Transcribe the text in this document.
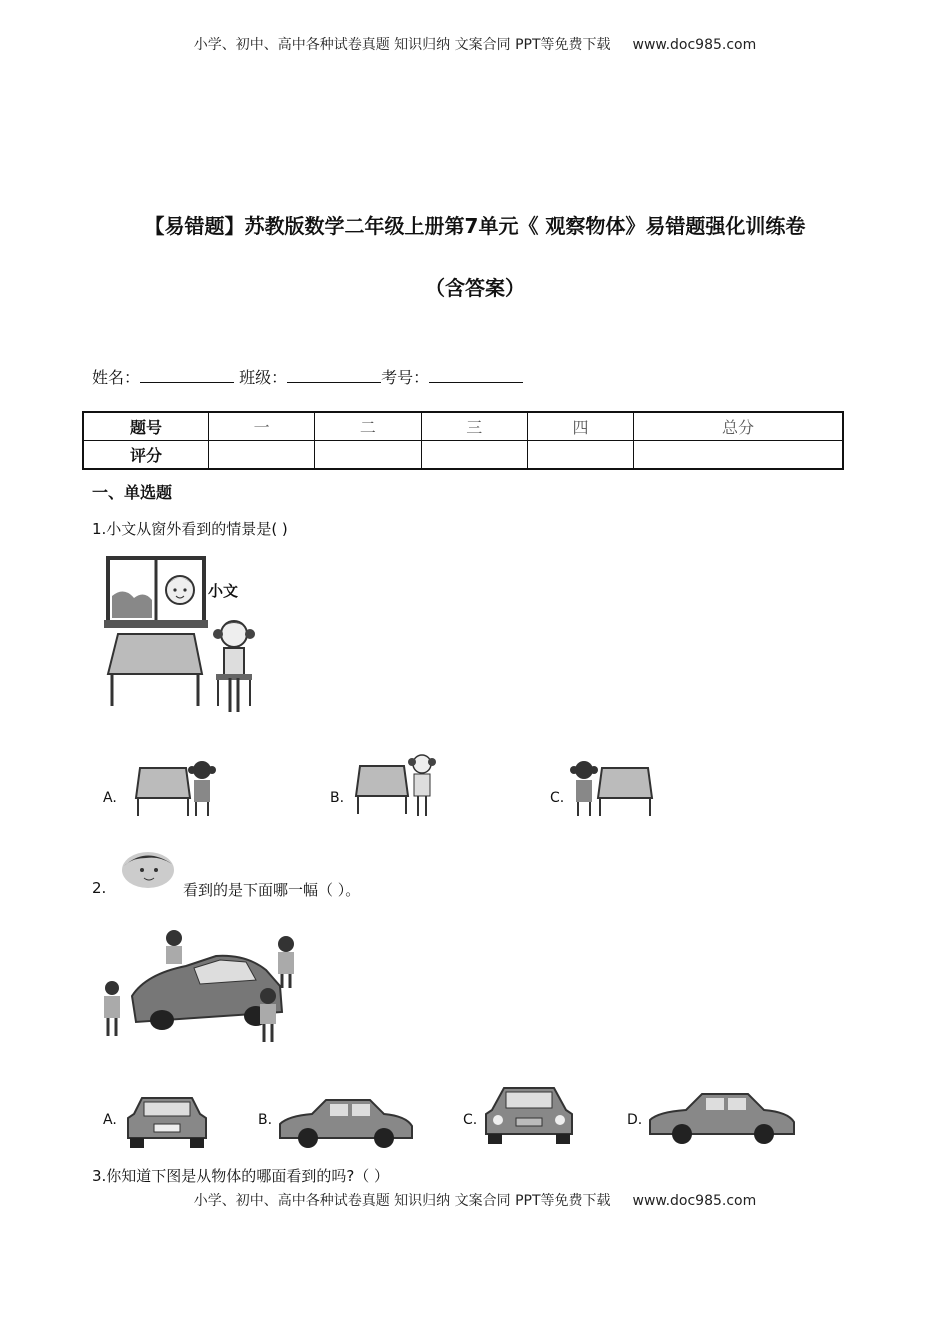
小学、初中、高中各种试卷真题 知识归纳 文案合同 PPT等免费下载 www.doc985.com
【易错题】苏教版数学二年级上册第7单元《 观察物体》易错题强化训练卷
（含答案）
姓名：	班级：	考号：
题号	一	二	三	四	总分
评分					
一、单选题
1.小文从窗外看到的情景是( )
小文
A.	B.	C.
2.	看到的是下面哪一幅（ ）。
A.	B.	C.	D.
3.你知道下图是从物体的哪面看到的吗?（ ）
小学、初中、高中各种试卷真题 知识归纳 文案合同 PPT等免费下载 www.doc985.com
